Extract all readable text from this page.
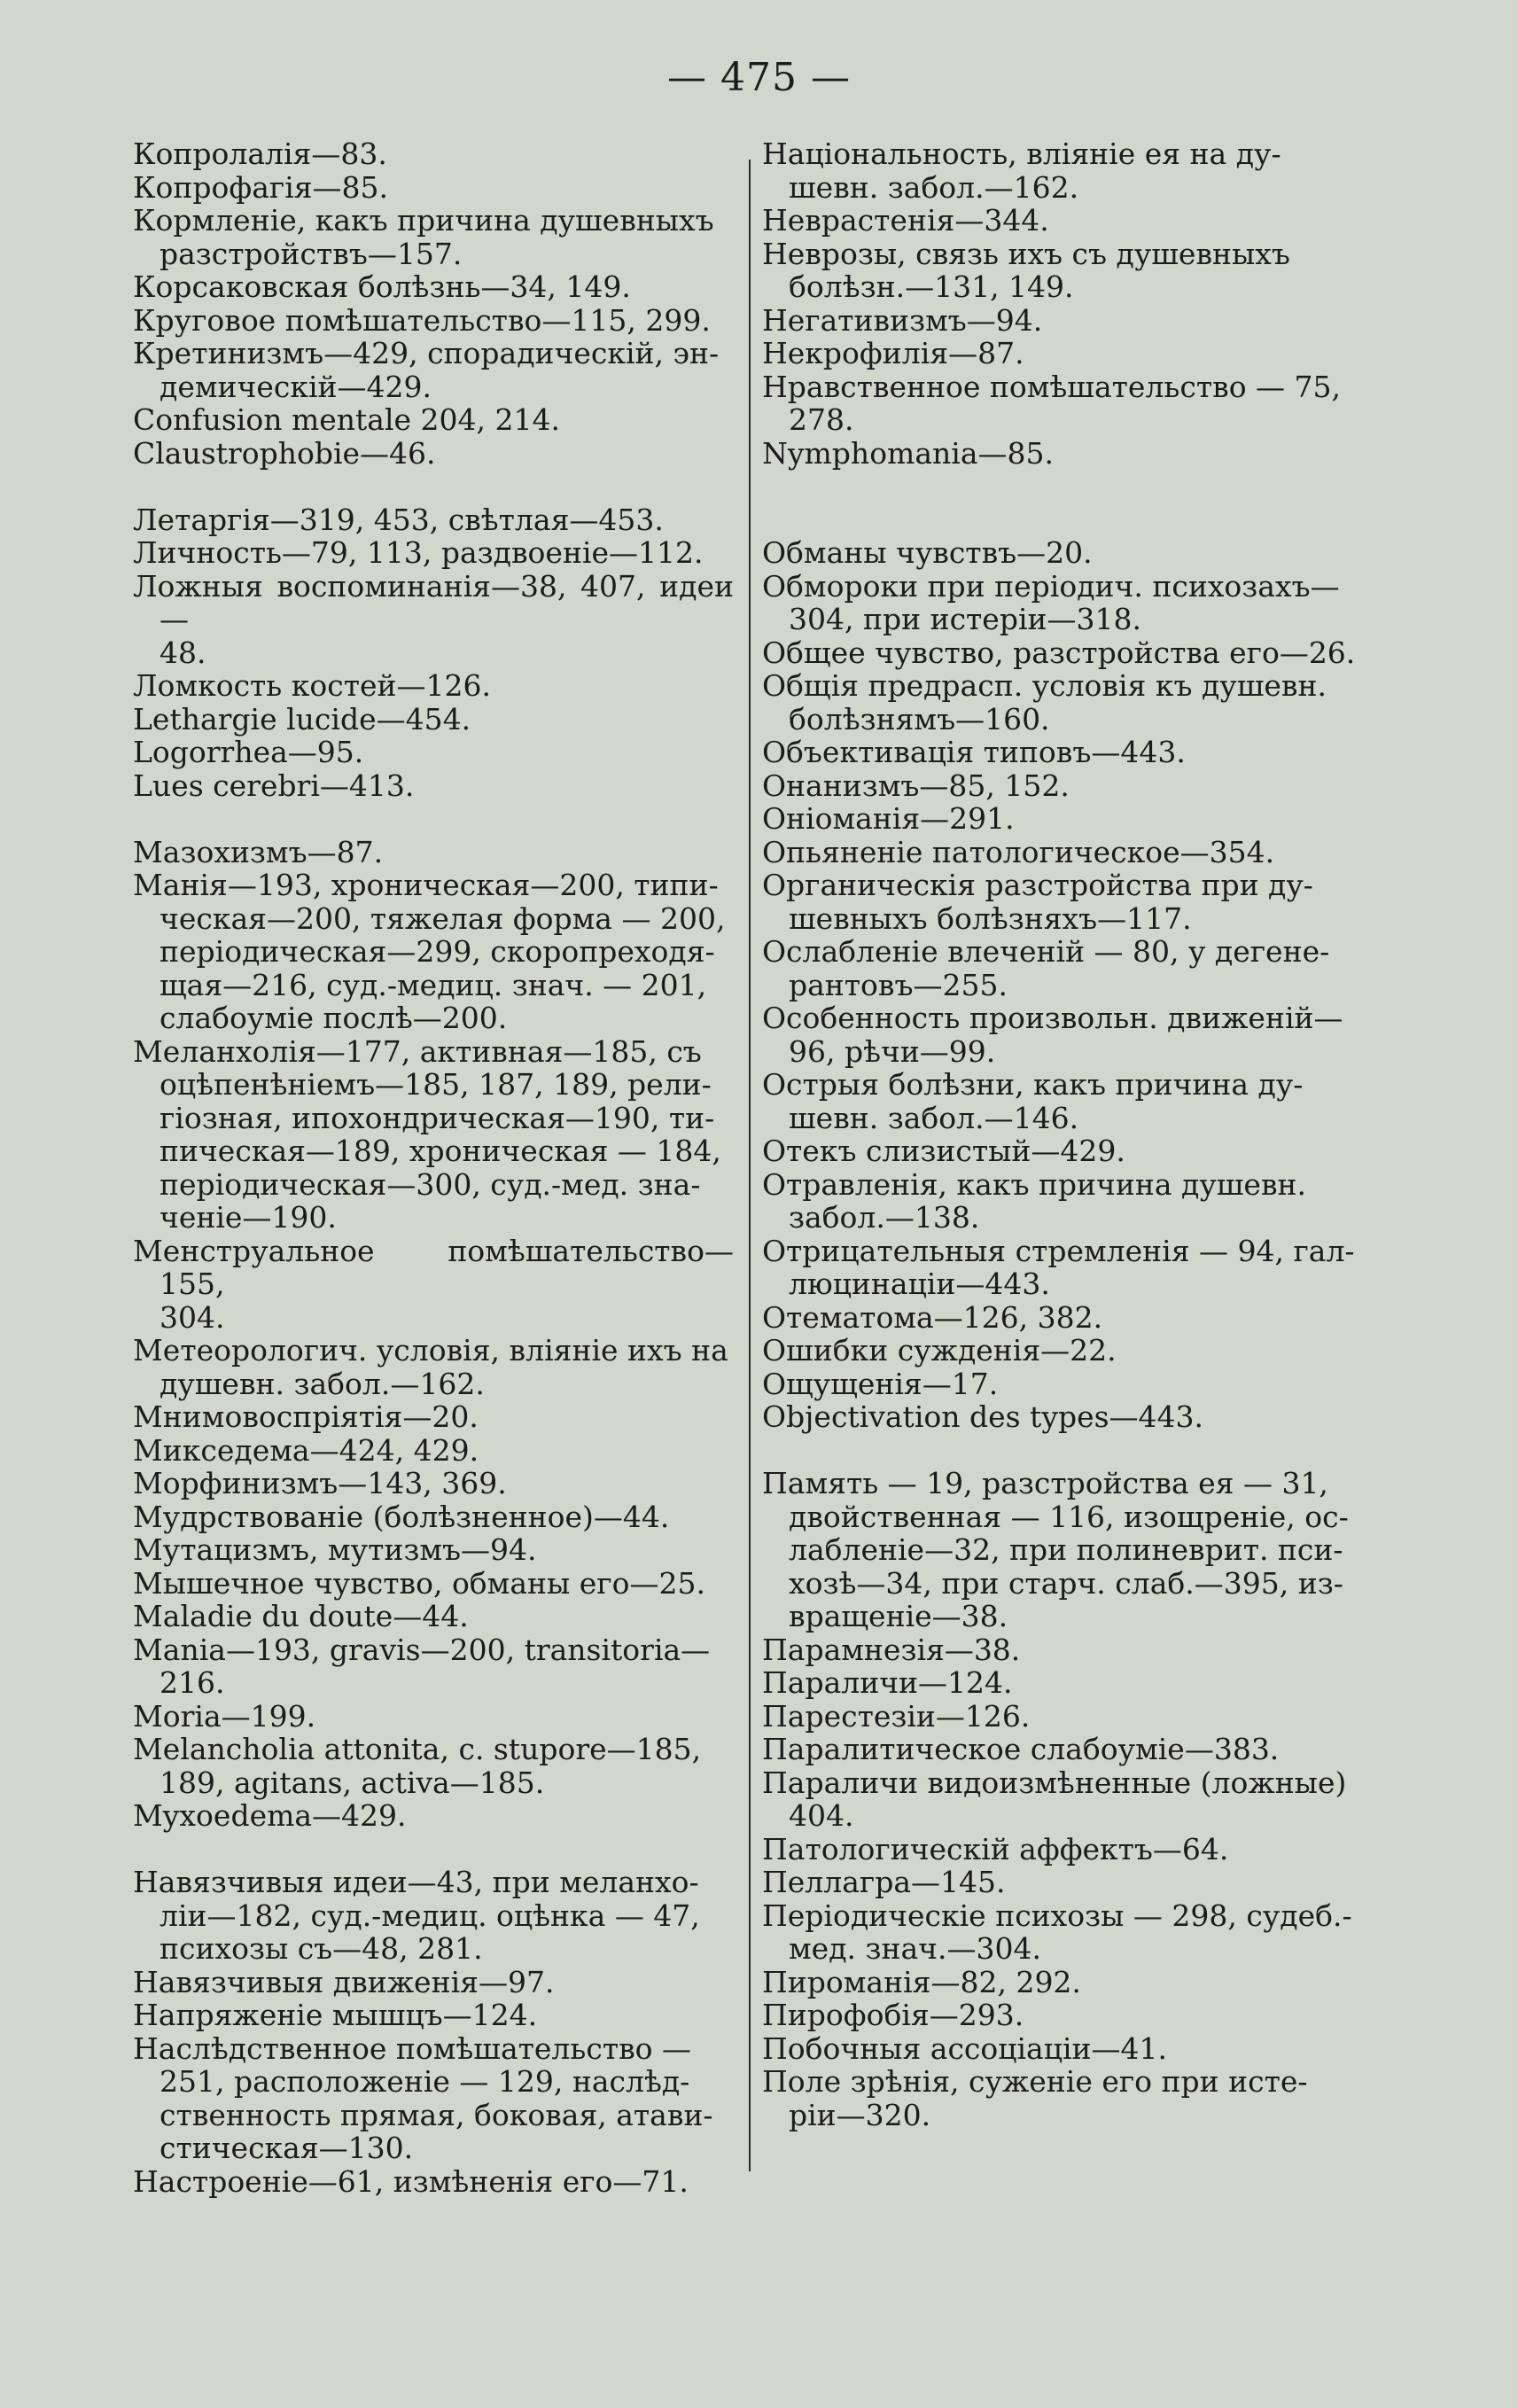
— 475 —

Копролалія—83.

Копрофагія—85.

Кормленіе, какъ причина душевныхъ
разстройствъ—157.

Корсаковская болѣзнь—34, 149.

Круговое помѣшательство—115, 299.

Кретинизмъ—429, спорадическій, эн-
демическій—429.

Confusion mentale 204, 214.

Claustrophobie—46.

Летаргія—319, 453, свѣтлая—453.

Личность—79, 113, раздвоеніе—112.

Ложныя воспоминанія—38, 407, идеи—
48.

Ломкость костей—126.

Lethargie lucide—454.

Logorrhea—95.

Lues cerebri—413.

Мазохизмъ—87.

Манія—193, хроническая—200, типи-
ческая—200, тяжелая форма — 200,
періодическая—299, скоропреходя-
щая—216, суд.-медиц. знач. — 201,
слабоуміе послѣ—200.

Меланхолія—177, активная—185, съ
оцѣпенѣніемъ—185, 187, 189, рели-
гіозная, ипохондрическая—190, ти-
пическая—189, хроническая — 184,
періодическая—300, суд.-мед. зна-
ченіе—190.

Менструальное помѣшательство—155,
304.

Метеорологич. условія, вліяніе ихъ на
душевн. забол.—162.

Мнимовоспріятія—20.

Микседема—424, 429.

Морфинизмъ—143, 369.

Мудрствованіе (болѣзненное)—44.

Мутацизмъ, мутизмъ—94.

Мышечное чувство, обманы его—25.

Maladie du doute—44.

Mania—193, gravis—200, transitoria—
216.

Moria—199.

Melancholia attonita, c. stupore—185,
189, agitans, activa—185.

Myxoedema—429.

Навязчивыя идеи—43, при меланхо-
ліи—182, суд.-медиц. оцѣнка — 47,
психозы съ—48, 281.

Навязчивыя движенія—97.

Напряженіе мышцъ—124.

Наслѣдственное помѣшательство —
251, расположеніе — 129, наслѣд-
ственность прямая, боковая, атави-
стическая—130.

Настроеніе—61, измѣненія его—71.

Національность, вліяніе ея на ду-
шевн. забол.—162.

Неврастенія—344.

Неврозы, связь ихъ съ душевныхъ
болѣзн.—131, 149.

Негативизмъ—94.

Некрофилія—87.

Нравственное помѣшательство — 75,
278.

Nymphomania—85.

Обманы чувствъ—20.

Обмороки при періодич. психозахъ—
304, при истеріи—318.

Общее чувство, разстройства его—26.

Общія предрасп. условія къ душевн.
болѣзнямъ—160.

Объективація типовъ—443.

Онанизмъ—85, 152.

Оніоманія—291.

Опьяненіе патологическое—354.

Органическія разстройства при ду-
шевныхъ болѣзняхъ—117.

Ослабленіе влеченій — 80, у дегене-
рантовъ—255.

Особенность произвольн. движеній—
96, рѣчи—99.

Острыя болѣзни, какъ причина ду-
шевн. забол.—146.

Отекъ слизистый—429.

Отравленія, какъ причина душевн.
забол.—138.

Отрицательныя стремленія — 94, гал-
люцинаціи—443.

Отематома—126, 382.

Ошибки сужденія—22.

Ощущенія—17.

Objectivation des types—443.

Память — 19, разстройства ея — 31,
двойственная — 116, изощреніе, ос-
лабленіе—32, при полиневрит. пси-
хозѣ—34, при старч. слаб.—395, из-
вращеніе—38.

Парамнезія—38.

Параличи—124.

Парестезіи—126.

Паралитическое слабоуміе—383.

Параличи видоизмѣненные (ложные)
404.

Патологическій аффектъ—64.

Пеллагра—145.

Періодическіе психозы — 298, судеб.-
мед. знач.—304.

Пироманія—82, 292.

Пирофобія—293.

Побочныя ассоціаціи—41.

Поле зрѣнія, суженіе его при исте-
ріи—320.
